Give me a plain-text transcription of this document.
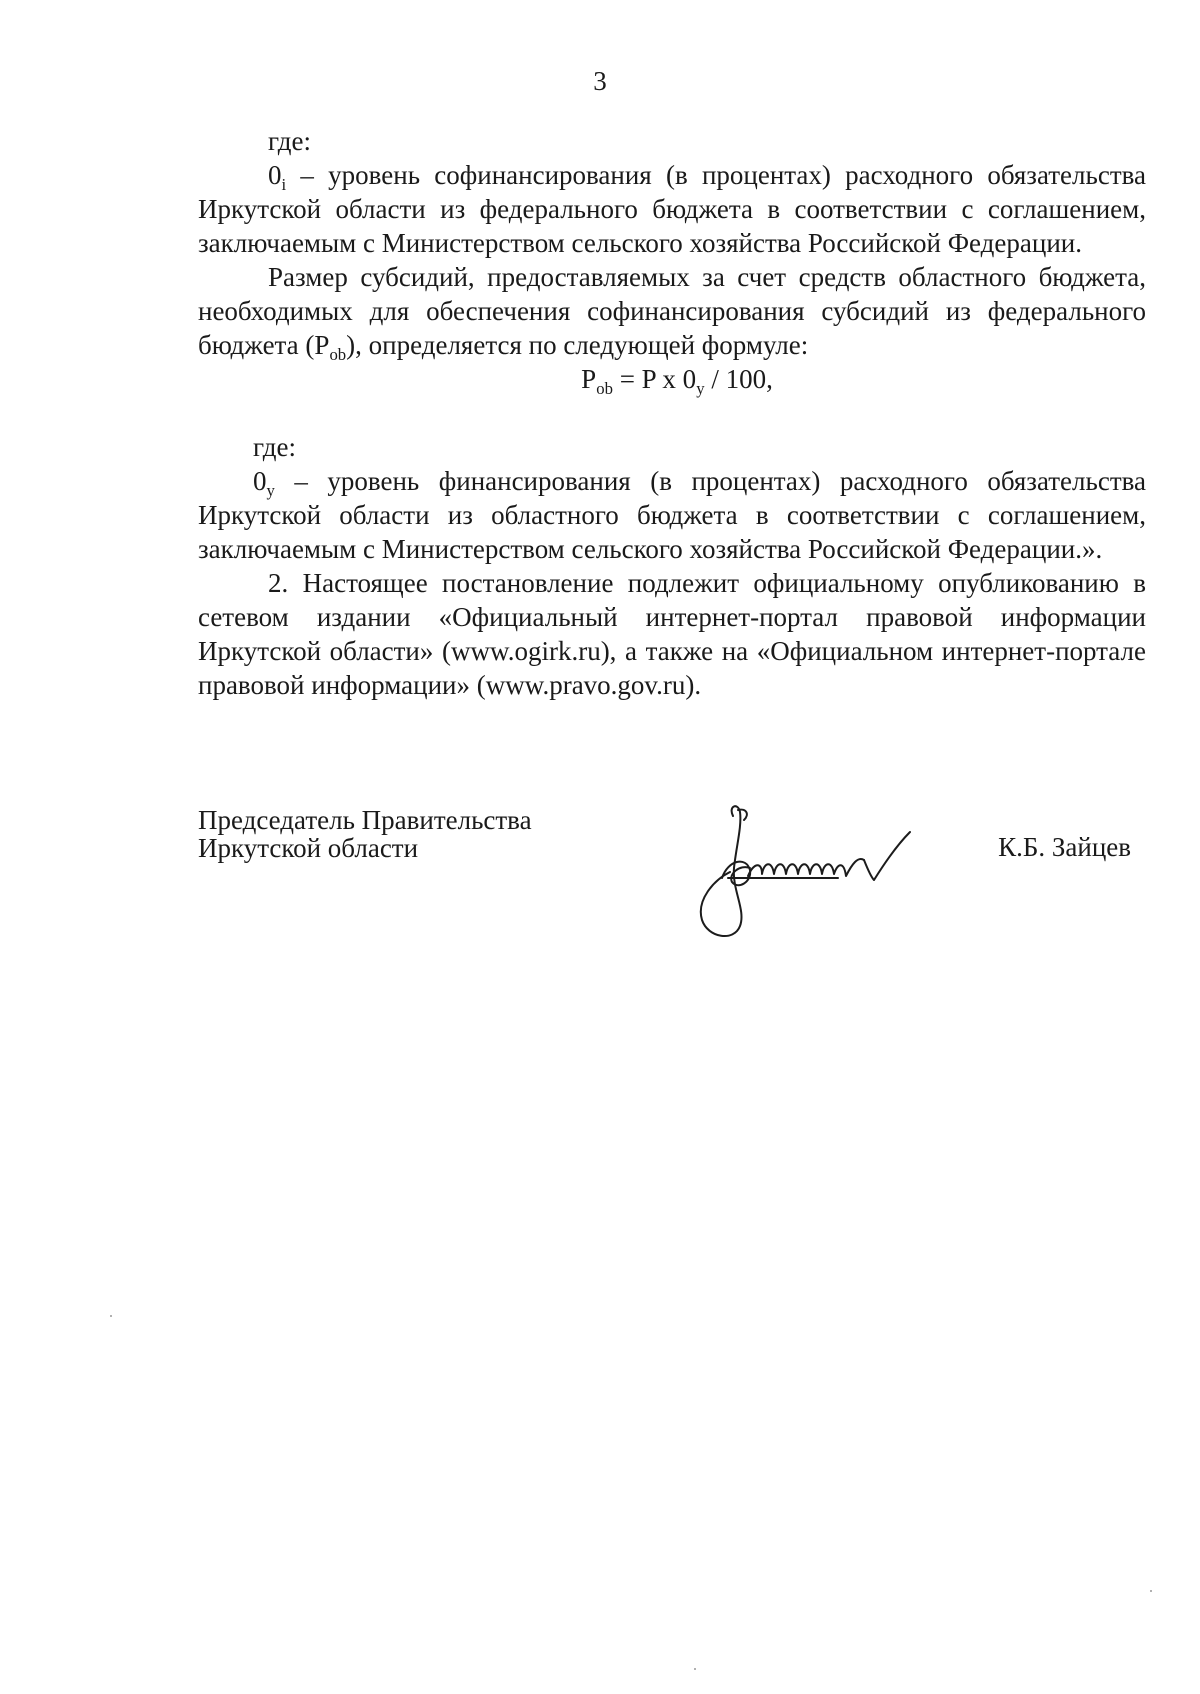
3

где:

$0_i$ – уровень софинансирования (в процентах) расходного обязательства Иркутской области из федерального бюджета в соответствии с соглашением, заключаемым с Министерством сельского хозяйства Российской Федерации.

Размер субсидий, предоставляемых за счет средств областного бюджета, необходимых для обеспечения софинансирования субсидий из федерального бюджета $(P_{ob})$, определяется по следующей формуле:

$P_{ob} = P$ x $0_y / 100$,

где:

$0_y$ – уровень финансирования (в процентах) расходного обязательства Иркутской области из областного бюджета в соответствии с соглашением, заключаемым с Министерством сельского хозяйства Российской Федерации.».

2. Настоящее постановление подлежит официальному опубликованию в сетевом издании «Официальный интернет-портал правовой информации Иркутской области» (www.ogirk.ru), а также на «Официальном интернет-портале правовой информации» (www.pravo.gov.ru).

Председатель Правительства
Иркутской области	К.Б. Зайцев
